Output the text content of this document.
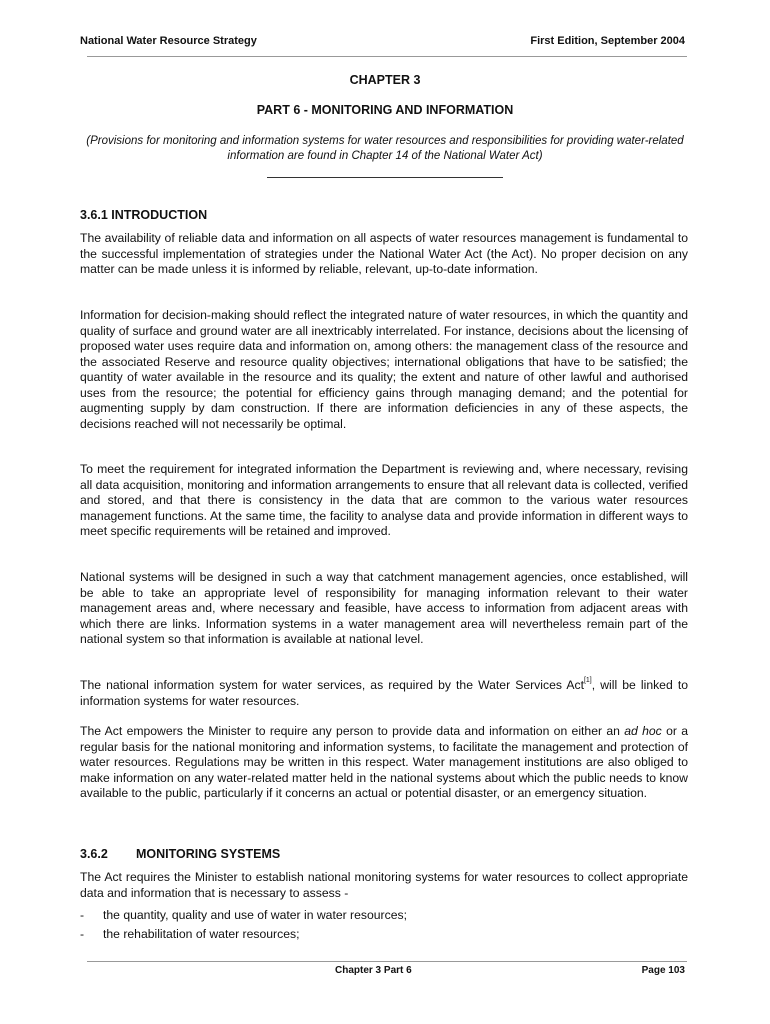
National Water Resource Strategy	First Edition, September 2004
CHAPTER 3
PART 6 - MONITORING AND INFORMATION
(Provisions for monitoring and information systems for water resources and responsibilities for providing water-related information are found in Chapter 14 of the National Water Act)
3.6.1 INTRODUCTION

The availability of reliable data and information on all aspects of water resources management is fundamental to the successful implementation of strategies under the National Water Act (the Act). No proper decision on any matter can be made unless it is informed by reliable, relevant, up-to-date information.

Information for decision-making should reflect the integrated nature of water resources, in which the quantity and quality of surface and ground water are all inextricably interrelated. For instance, decisions about the licensing of proposed water uses require data and information on, among others: the management class of the resource and the associated Reserve and resource quality objectives; international obligations that have to be satisfied; the quantity of water available in the resource and its quality; the extent and nature of other lawful and authorised uses from the resource; the potential for efficiency gains through managing demand; and the potential for augmenting supply by dam construction. If there are information deficiencies in any of these aspects, the decisions reached will not necessarily be optimal.

To meet the requirement for integrated information the Department is reviewing and, where necessary, revising all data acquisition, monitoring and information arrangements to ensure that all relevant data is collected, verified and stored, and that there is consistency in the data that are common to the various water resources management functions. At the same time, the facility to analyse data and provide information in different ways to meet specific requirements will be retained and improved.

National systems will be designed in such a way that catchment management agencies, once established, will be able to take an appropriate level of responsibility for managing information relevant to their water management areas and, where necessary and feasible, have access to information from adjacent areas with which there are links. Information systems in a water management area will nevertheless remain part of the national system so that information is available at national level.

The national information system for water services, as required by the Water Services Act[1], will be linked to information systems for water resources.

The Act empowers the Minister to require any person to provide data and information on either an ad hoc or a regular basis for the national monitoring and information systems, to facilitate the management and protection of water resources. Regulations may be written in this respect. Water management institutions are also obliged to make information on any water-related matter held in the national systems about which the public needs to know available to the public, particularly if it concerns an actual or potential disaster, or an emergency situation.

3.6.2 MONITORING SYSTEMS

The Act requires the Minister to establish national monitoring systems for water resources to collect appropriate data and information that is necessary to assess -

- the quantity, quality and use of water in water resources;
- the rehabilitation of water resources;
Chapter 3 Part 6	Page 103
